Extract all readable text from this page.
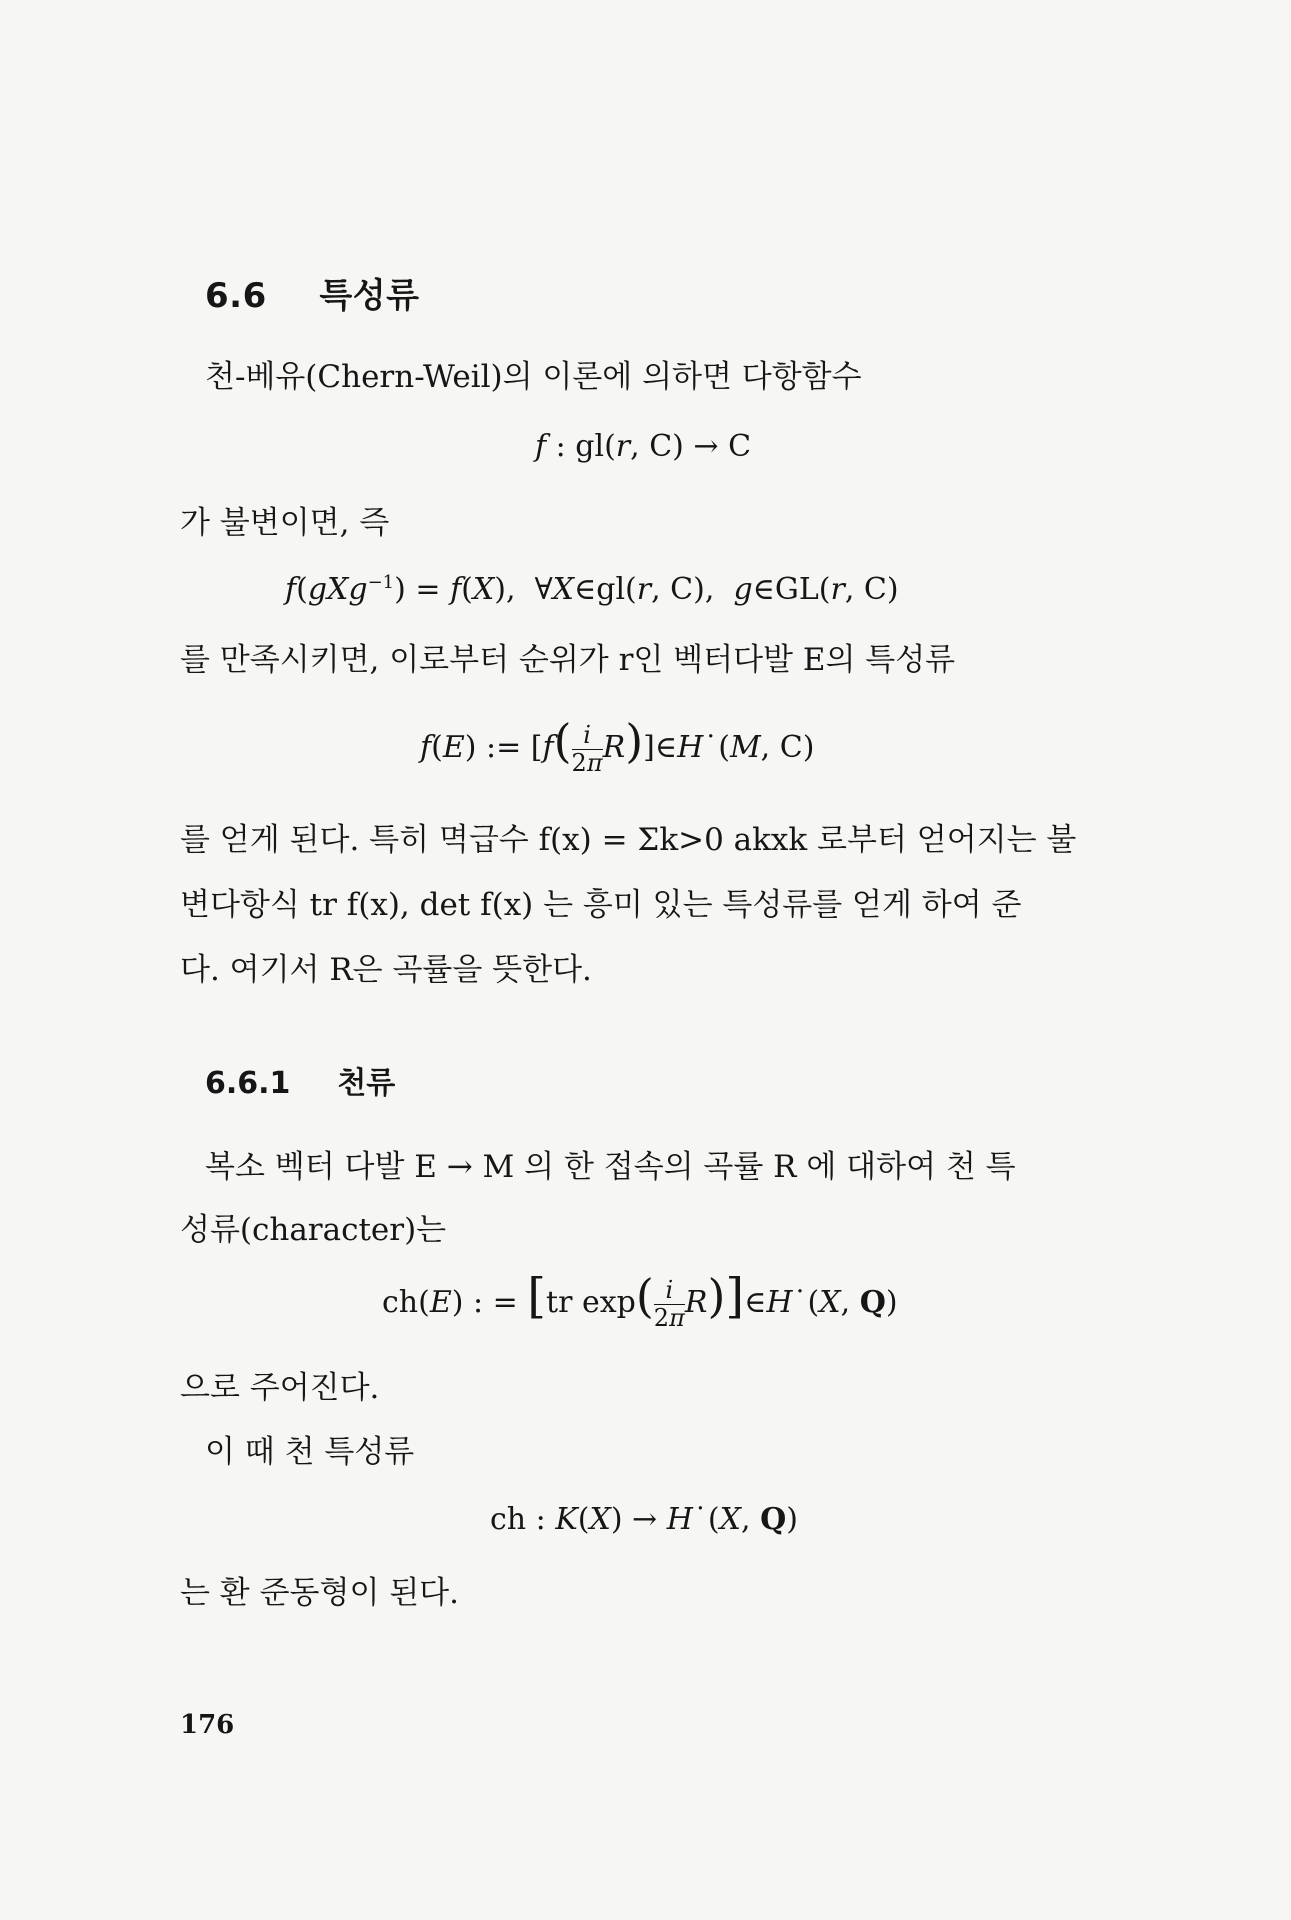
6.6 특성류
천-베유(Chern-Weil)의 이론에 의하면 다항함수
f : gl(r, C) → C
가 불변이면, 즉
f(gXg$^{-1}$) = f(X),  ∀X∈gl(r, C),  g∈GL(r, C)
를 만족시키면, 이로부터 순위가 r인 벡터다발 E의 특성류
f(E) := [$f( \frac{i}{2\pi}$ R)]∈H˙(M, C)
를 얻게 된다. 특히 멱급수 f(x) = Σk>0 akxk 로부터 얻어지는 불
변다항식 tr f(x), det f(x) 는 흥미 있는 특성류를 얻게 하여 준
다. 여기서 R은 곡률을 뜻한다.
6.6.1 천류
복소 벡터 다발 E → M 의 한 접속의 곡률 R 에 대하여 천 특
성류(character)는
ch(E) : = [tr $\exp( \frac{i}{2\pi}$ R)]∈H˙(X, Q)
으로 주어진다.
이 때 천 특성류
ch : K(X) → H˙(X, Q)
는 환 준동형이 된다.
176
